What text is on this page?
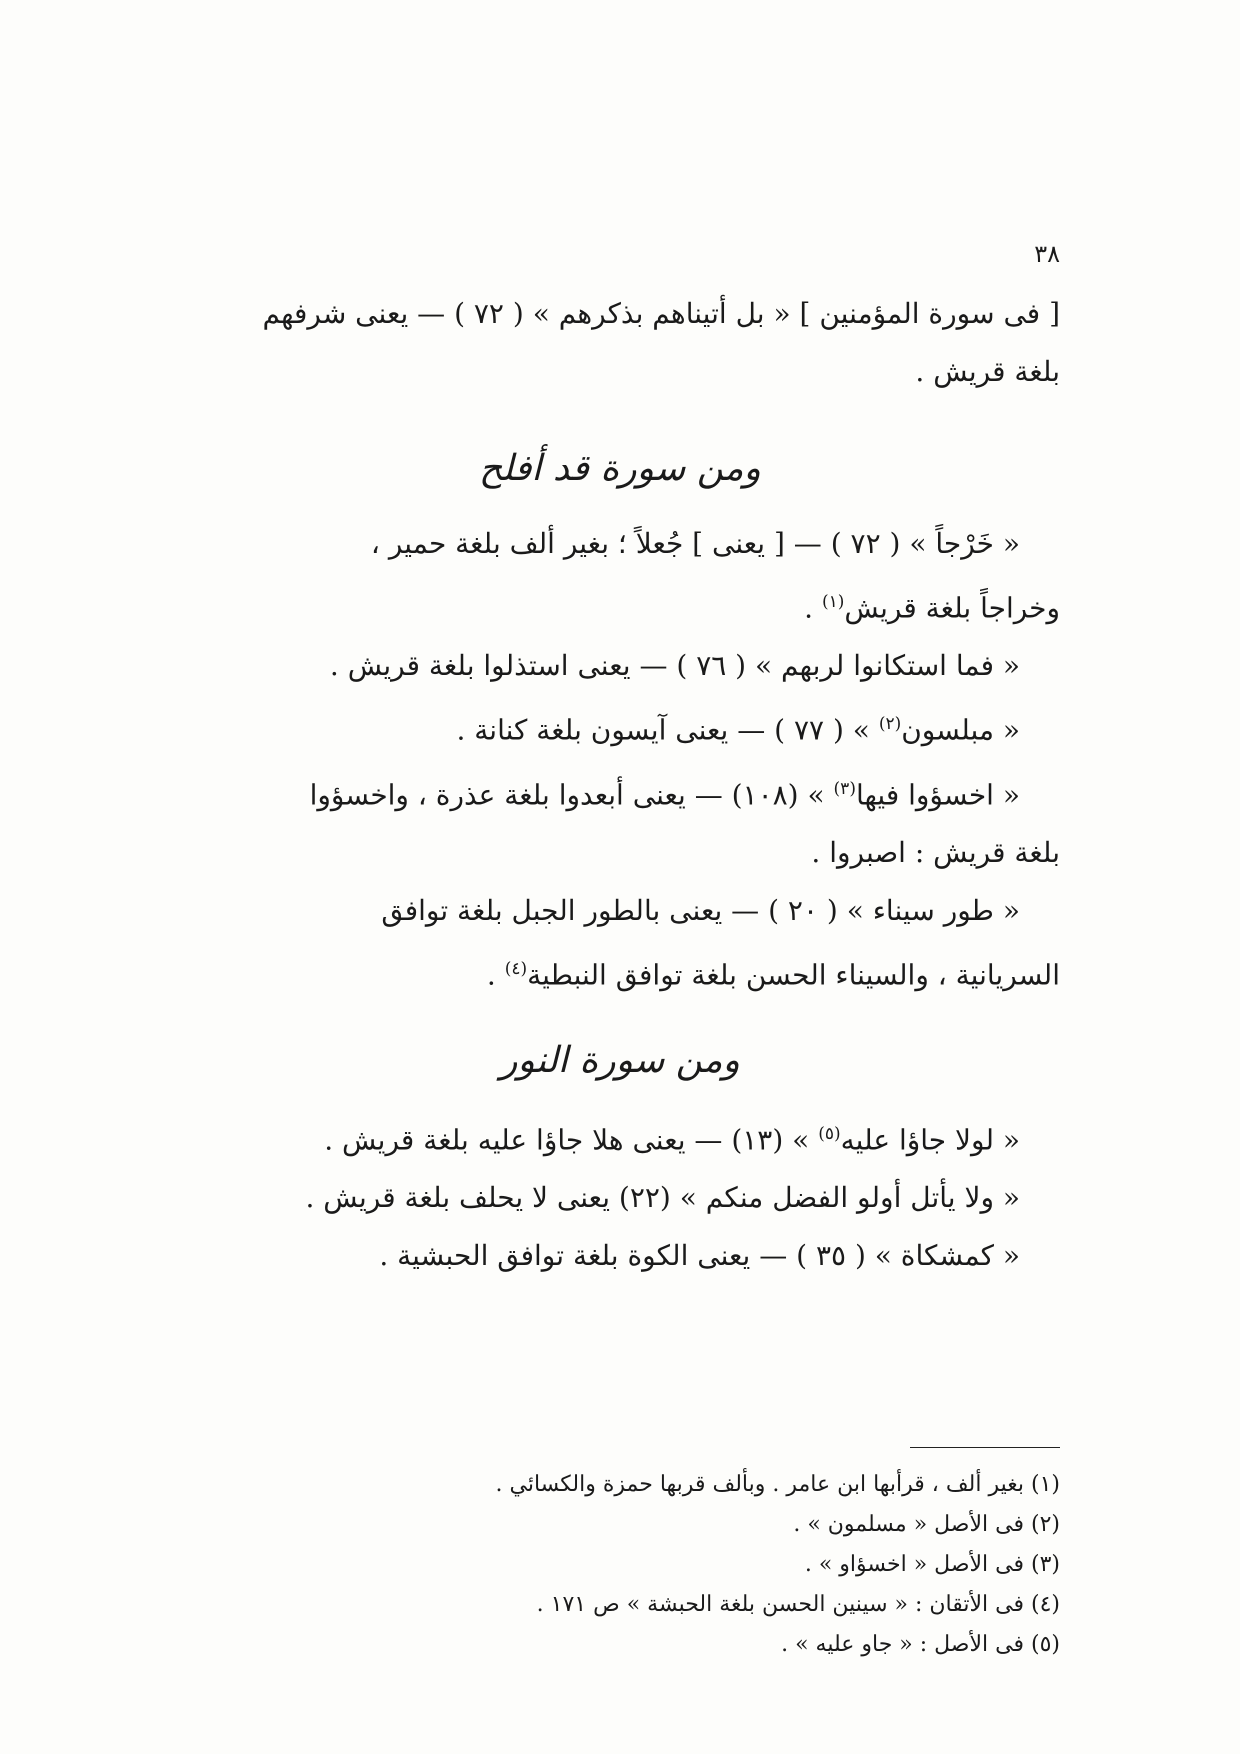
٣٨

[ فى سورة المؤمنين ] « بل أتيناهم بذكرهم » ( ٧٢ ) — يعنى شرفهم

بلغة قريش .

ومن سورة قد أفلح

« خَرْجاً » ( ٧٢ ) — [ يعنى ] جُعلاً ؛ بغير ألف بلغة حمير ،

وخراجاً بلغة قريش$^{(١)}$ .

« فما استكانوا لربهم » ( ٧٦ ) — يعنى استذلوا بلغة قريش .

« مبلسون$^{(٢)}$ » ( ٧٧ ) — يعنى آيسون بلغة كنانة .

« اخسؤوا فيها$^{(٣)}$ » (١٠٨) — يعنى أبعدوا بلغة عذرة ، واخسؤوا

بلغة قريش : اصبروا .

« طور سيناء » ( ٢٠ ) — يعنى بالطور الجبل بلغة توافق

السريانية ، والسيناء الحسن بلغة توافق النبطية$^{(٤)}$ .

ومن سورة النور

« لولا جاؤا عليه$^{(٥)}$ » (١٣) — يعنى هلا جاؤا عليه بلغة قريش .

« ولا يأتل أولو الفضل منكم » (٢٢) يعنى لا يحلف بلغة قريش .

« كمشكاة » ( ٣٥ ) — يعنى الكوة بلغة توافق الحبشية .

(١) بغير ألف ، قرأبها ابن عامر . وبألف قربها حمزة والكسائي .

(٢) فى الأصل « مسلمون » .

(٣) فى الأصل « اخسؤاو » .

(٤) فى الأتقان : « سينين الحسن بلغة الحبشة » ص ١٧١ .

(٥) فى الأصل : « جاو عليه » .
